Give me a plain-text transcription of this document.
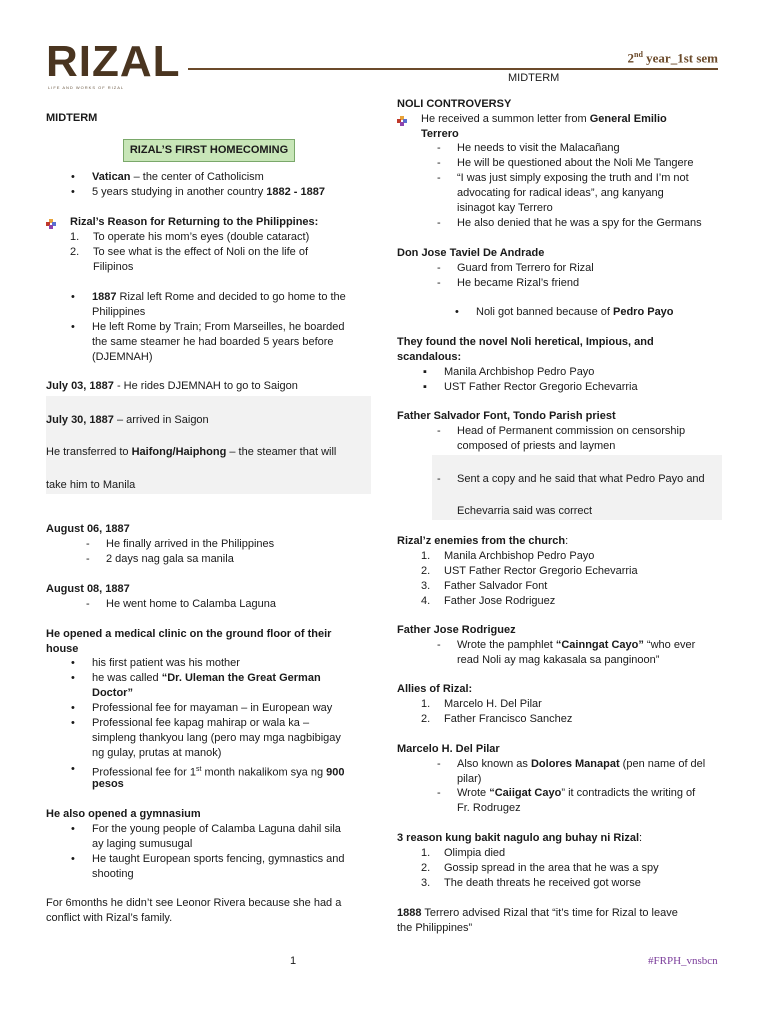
RIZAL
LIFE AND WORKS OF RIZAL
2nd year_1st sem
MIDTERM
MIDTERM
RIZAL’S FIRST HOMECOMING
• Vatican – the center of Catholicism
• 5 years studying in another country 1882 - 1887
Rizal’s Reason for Returning to the Philippines:
1. To operate his mom’s eyes (double cataract)
2. To see what is the effect of Noli on the life of
Filipinos
• 1887 Rizal left Rome and decided to go home to the
Philippines
• He left Rome by Train; From Marseilles, he boarded
the same steamer he had boarded 5 years before
(DJEMNAH)
July 03, 1887 - He rides DJEMNAH to go to Saigon
July 30, 1887 – arrived in Saigon
He transferred to Haifong/Haiphong – the steamer that will
take him to Manila
August 06, 1887
- He finally arrived in the Philippines
- 2 days nag gala sa manila
August 08, 1887
- He went home to Calamba Laguna
He opened a medical clinic on the ground floor of their
house
• his first patient was his mother
• he was called “Dr. Uleman the Great German
Doctor”
• Professional fee for mayaman – in European way
• Professional fee kapag mahirap or wala ka –
simpleng thankyou lang (pero may mga nagbibigay
ng gulay, prutas at manok)
• Professional fee for 1st month nakalikom sya ng 900
pesos
He also opened a gymnasium
• For the young people of Calamba Laguna dahil sila
ay laging sumusugal
• He taught European sports fencing, gymnastics and
shooting
For 6months he didn’t see Leonor Rivera because she had a
conflict with Rizal’s family.
NOLI CONTROVERSY
He received a summon letter from General Emilio
Terrero
- He needs to visit the Malacañang
- He will be questioned about the Noli Me Tangere
- “I was just simply exposing the truth and I’m not
advocating for radical ideas”, ang kanyang
isinagot kay Terrero
- He also denied that he was a spy for the Germans
Don Jose Taviel De Andrade
- Guard from Terrero for Rizal
- He became Rizal’s friend
• Noli got banned because of Pedro Payo
They found the novel Noli heretical, Impious, and
scandalous:
▪ Manila Archbishop Pedro Payo
▪ UST Father Rector Gregorio Echevarria
Father Salvador Font, Tondo Parish priest
- Head of Permanent commission on censorship
composed of priests and laymen
- Sent a copy and he said that what Pedro Payo and
Echevarria said was correct
Rizal’z enemies from the church:
1. Manila Archbishop Pedro Payo
2. UST Father Rector Gregorio Echevarria
3. Father Salvador Font
4. Father Jose Rodriguez
Father Jose Rodriguez
- Wrote the pamphlet “Cainngat Cayo” “who ever
read Noli ay mag kakasala sa panginoon”
Allies of Rizal:
1. Marcelo H. Del Pilar
2. Father Francisco Sanchez
Marcelo H. Del Pilar
- Also known as Dolores Manapat (pen name of del
pilar)
- Wrote “Caiigat Cayo” it contradicts the writing of
Fr. Rodrugez
3 reason kung bakit nagulo ang buhay ni Rizal:
1. Olimpia died
2. Gossip spread in the area that he was a spy
3. The death threats he received got worse
1888 Terrero advised Rizal that “it’s time for Rizal to leave
the Philippines”
1	#FRPH_vnsbcn
